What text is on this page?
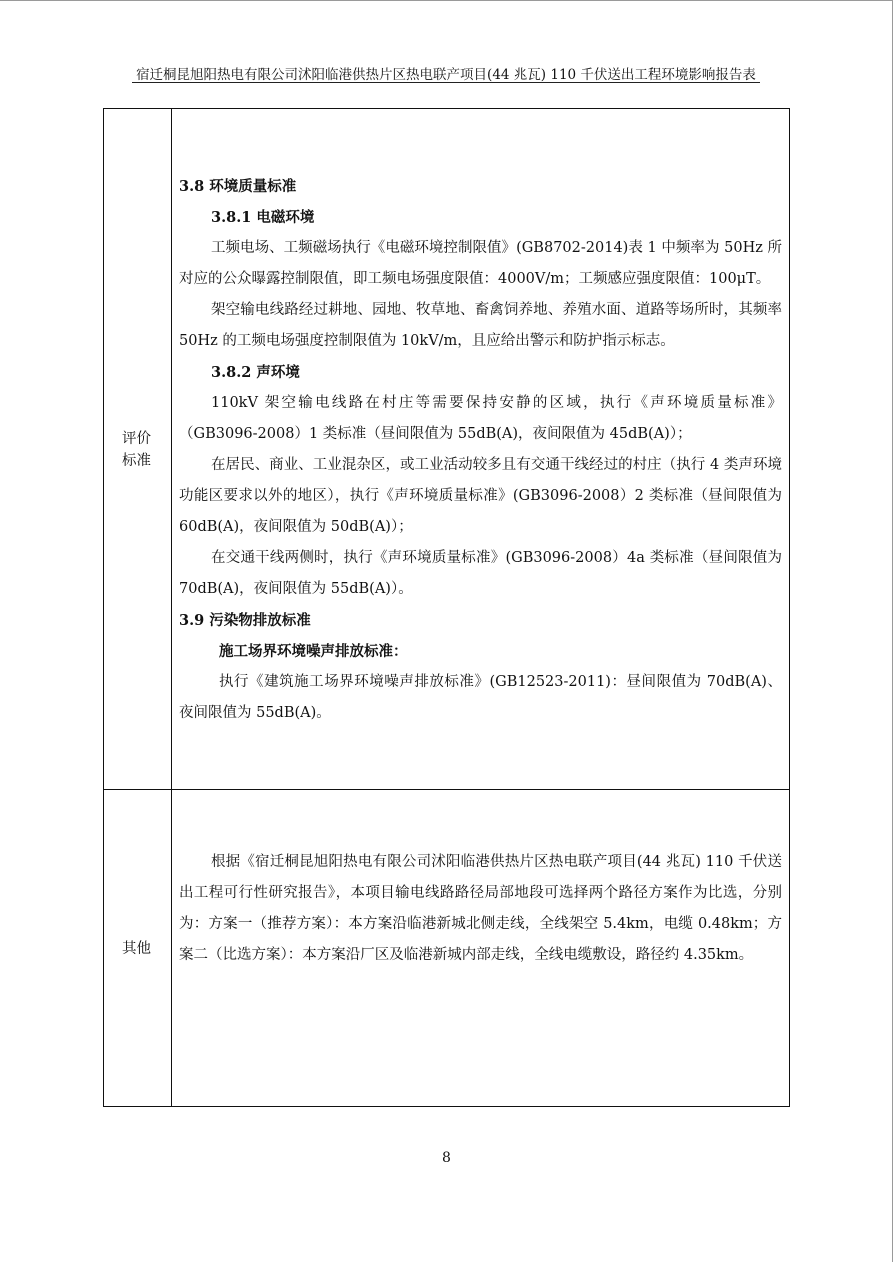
宿迁桐昆旭阳热电有限公司沭阳临港供热片区热电联产项目(44 兆瓦) 110 千伏送出工程环境影响报告表
评价
标准
其他
3.8 环境质量标准
3.8.1 电磁环境
工频电场、工频磁场执行《电磁环境控制限值》(GB8702-2014)表 1 中频率为 50Hz 所对应的公众曝露控制限值，即工频电场强度限值：4000V/m；工频感应强度限值：100μT。
架空输电线路经过耕地、园地、牧草地、畜禽饲养地、养殖水面、道路等场所时，其频率 50Hz 的工频电场强度控制限值为 10kV/m，且应给出警示和防护指示标志。
3.8.2 声环境
110kV 架空输电线路在村庄等需要保持安静的区域，执行《声环境质量标准》（GB3096-2008）1 类标准（昼间限值为 55dB(A)，夜间限值为 45dB(A)）；
在居民、商业、工业混杂区，或工业活动较多且有交通干线经过的村庄（执行 4 类声环境功能区要求以外的地区），执行《声环境质量标准》(GB3096-2008）2 类标准（昼间限值为 60dB(A)，夜间限值为 50dB(A)）；
在交通干线两侧时，执行《声环境质量标准》(GB3096-2008）4a 类标准（昼间限值为 70dB(A)，夜间限值为 55dB(A)）。
3.9 污染物排放标准
施工场界环境噪声排放标准：
执行《建筑施工场界环境噪声排放标准》(GB12523-2011)：昼间限值为 70dB(A)、夜间限值为 55dB(A)。
根据《宿迁桐昆旭阳热电有限公司沭阳临港供热片区热电联产项目(44 兆瓦) 110 千伏送出工程可行性研究报告》，本项目输电线路路径局部地段可选择两个路径方案作为比选，分别为：方案一（推荐方案）：本方案沿临港新城北侧走线，全线架空 5.4km，电缆 0.48km；方案二（比选方案）：本方案沿厂区及临港新城内部走线，全线电缆敷设，路径约 4.35km。
8
